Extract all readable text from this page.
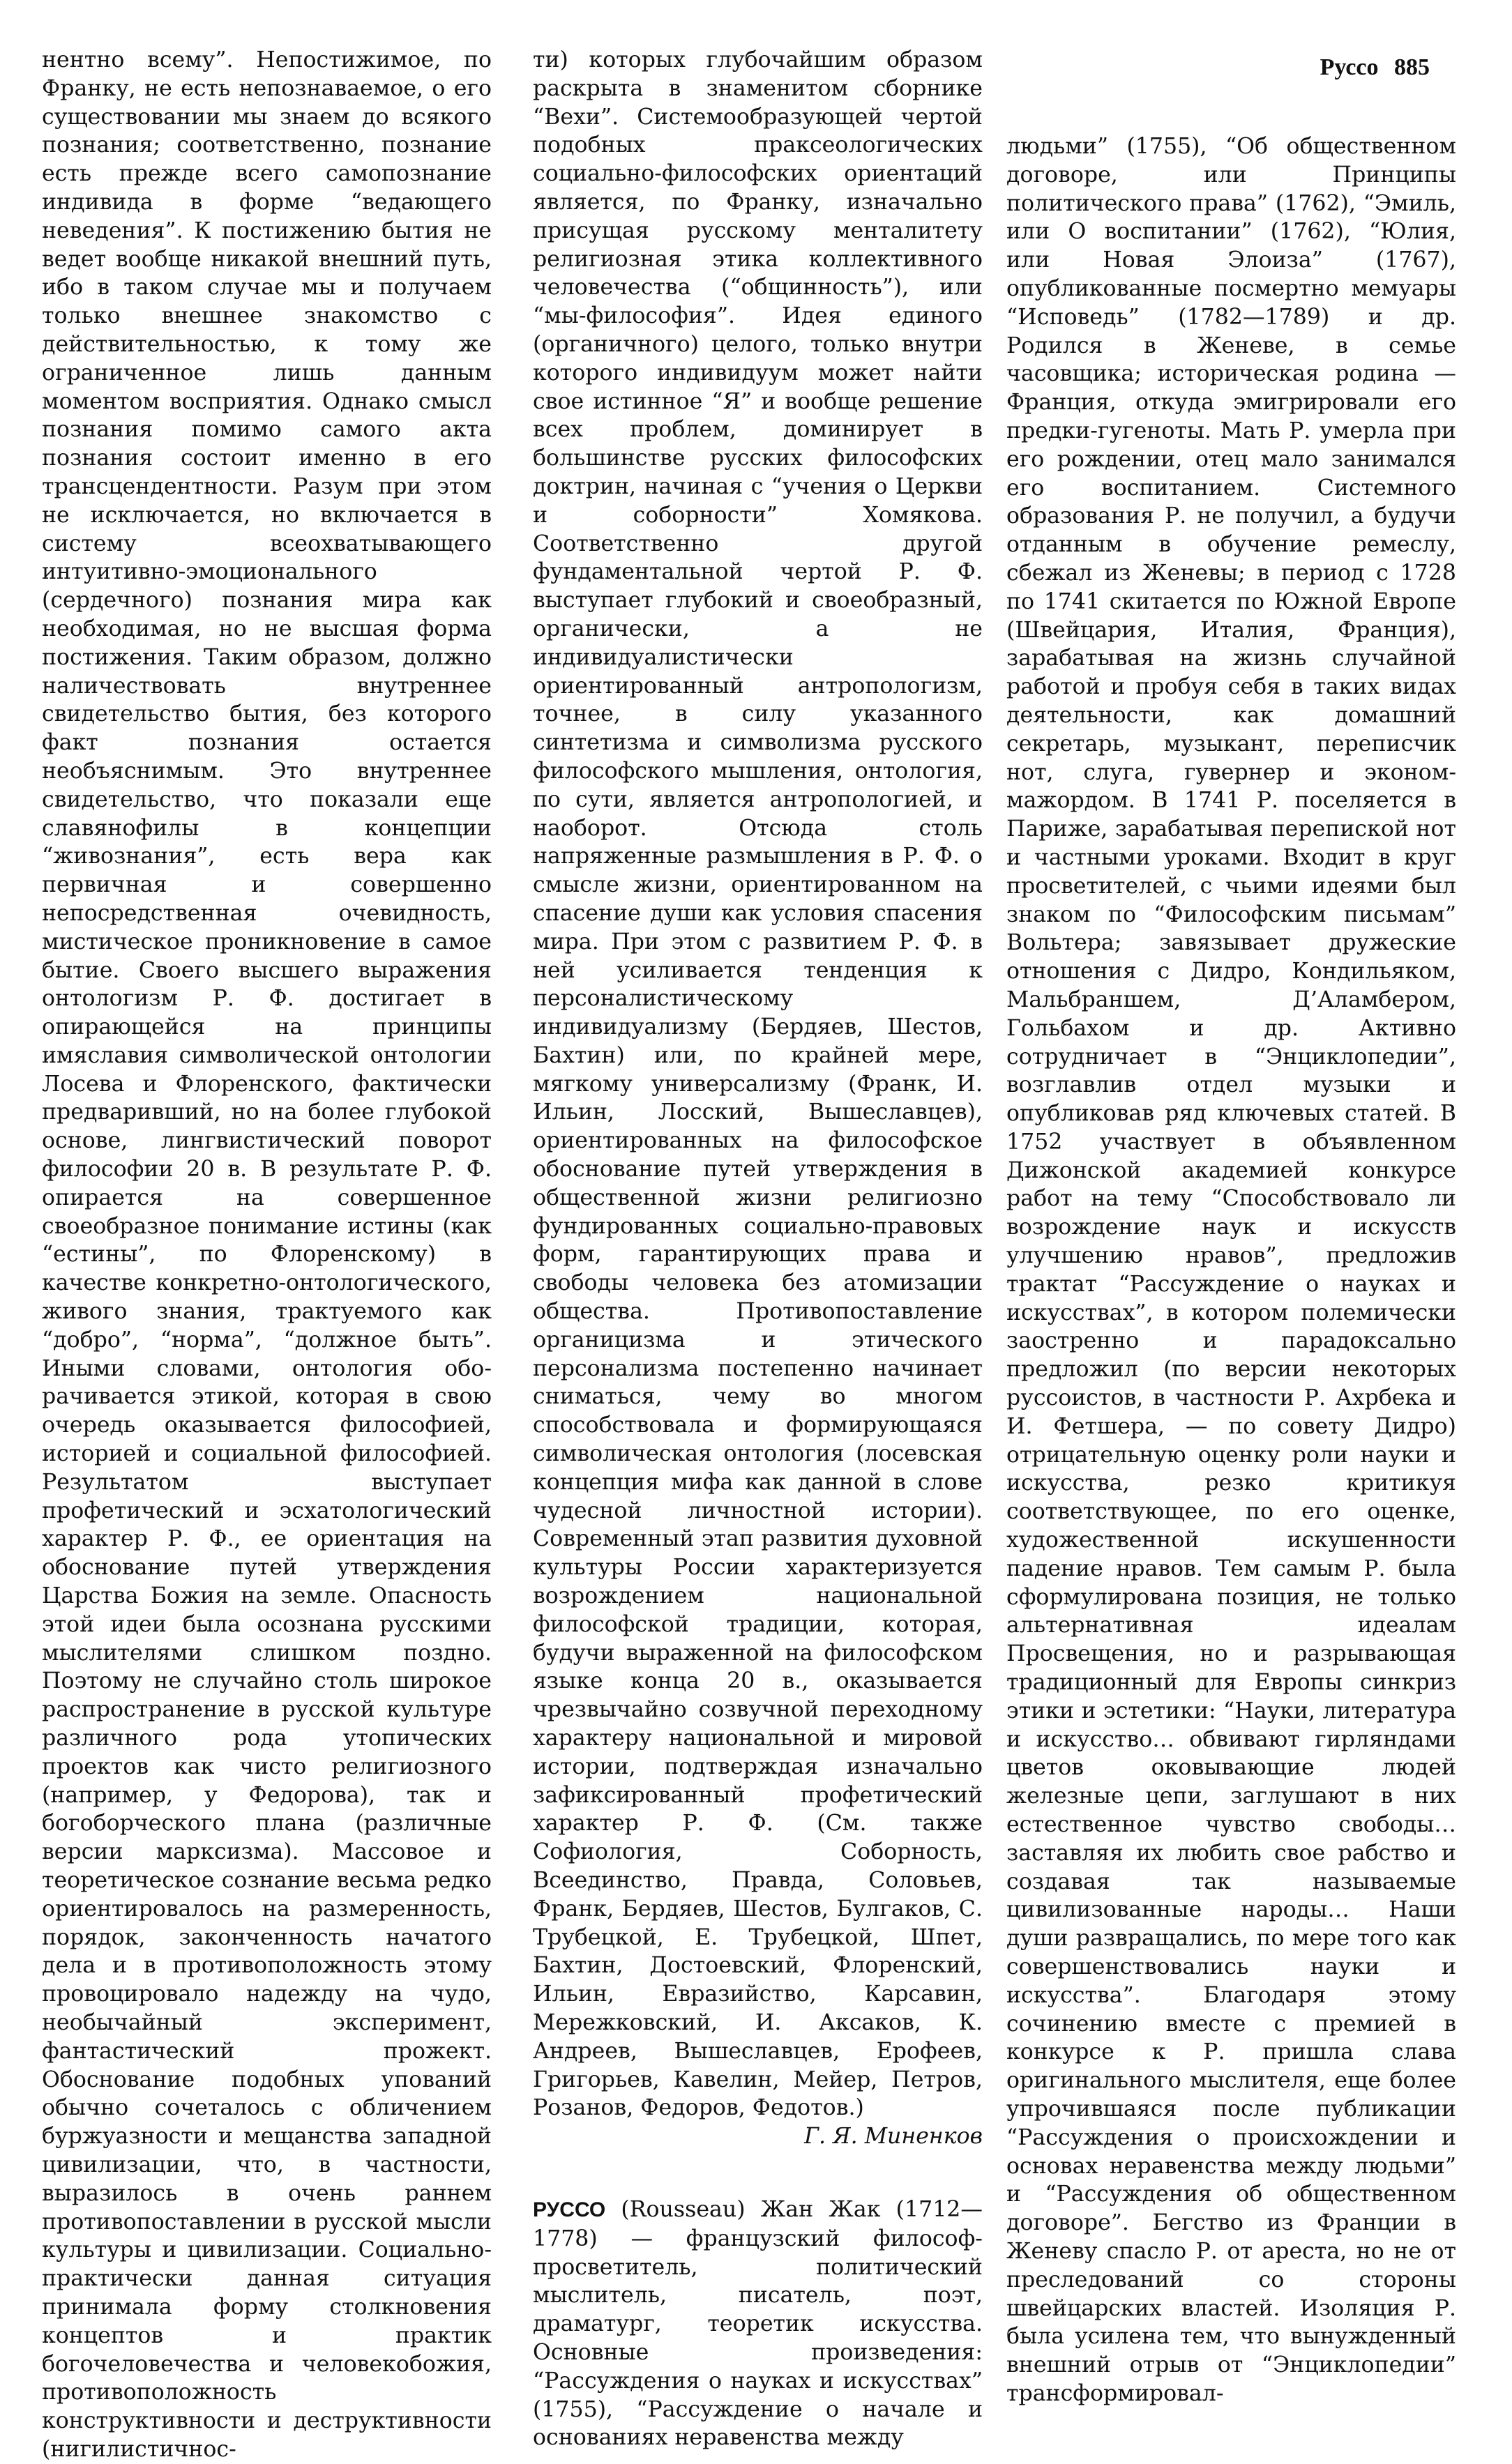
Руссо 885

нентно всему”. Непостижимое, по Франку, не есть непознаваемое, о его существовании мы знаем до всякого познания; соответственно, познание есть прежде всего самопознание индивида в форме “ведающего неведения”. К постижению бытия не ведет вообще никакой внешний путь, ибо в таком случае мы и получаем только внешнее знакомство с действительностью, к тому же ограниченное лишь данным моментом восприятия. Однако смысл познания помимо самого акта познания состоит именно в его трансцендентности. Разум при этом не исключается, но включается в систему всеохватывающего интуитивно-эмоционального (сердечного) познания мира как необходимая, но не высшая форма постижения. Таким образом, должно наличествовать внутреннее свидетельство бытия, без которого факт познания остается необъяснимым. Это внутреннее свидетельство, что показали еще славянофилы в концепции “живознания”, есть вера как первичная и совершенно непосредственная очевидность, мистическое проникновение в самое бытие. Своего высшего выражения онтологизм Р. Ф. достигает в опирающейся на принципы имяславия символической онтологии Лосева и Флоренского, фактически предваривший, но на более глубокой основе, лингвистический поворот философии 20 в. В результате Р. Ф. опирается на совершенное своеобразное понимание истины (как “естины”, по Флоренскому) в качестве конкретно-онтологического, живого знания, трактуемого как “добро”, “норма”, “должное быть”. Иными словами, онтология обо-рачивается этикой, которая в свою очередь оказывается философией, историей и социальной философией. Результатом выступает профетический и эсхатологический характер Р. Ф., ее ориентация на обоснование путей утверждения Царства Божия на земле. Опасность этой идеи была осознана русскими мыслителями слишком поздно. Поэтому не случайно столь широкое распространение в русской культуре различного рода утопических проектов как чисто религиозного (например, у Федорова), так и богоборческого плана (различные версии марксизма). Массовое и теоретическое сознание весьма редко ориентировалось на размеренность, порядок, законченность начатого дела и в противоположность этому провоцировало надежду на чудо, необычайный эксперимент, фантастический прожект. Обоснование подобных упований обычно сочеталось с обличением буржуазности и мещанства западной цивилизации, что, в частности, выразилось в очень раннем противопоставлении в русской мысли культуры и цивилизации. Социально-практически данная ситуация принимала форму столкновения концептов и практик богочеловечества и человекобожия, противоположность конструктивности и деструктивности (нигилистичнос-

ти) которых глубочайшим образом раскрыта в знаменитом сборнике “Вехи”. Системообразующей чертой подобных праксеологических социально-философских ориентаций является, по Франку, изначально присущая русскому менталитету религиозная этика коллективного человечества (“общинность”), или “мы-философия”. Идея единого (органичного) целого, только внутри которого индивидуум может найти свое истинное “Я” и вообще решение всех проблем, доминирует в большинстве русских философских доктрин, начиная с “учения о Церкви и соборности” Хомякова. Соответственно другой фундаментальной чертой Р. Ф. выступает глубокий и своеобразный, органически, а не индивидуалистически ориентированный антропологизм, точнее, в силу указанного синтетизма и символизма русского философского мышления, онтология, по сути, является антропологией, и наоборот. Отсюда столь напряженные размышления в Р. Ф. о смысле жизни, ориентированном на спасение души как условия спасения мира. При этом с развитием Р. Ф. в ней усиливается тенденция к персоналистическому индивидуализму (Бердяев, Шестов, Бахтин) или, по крайней мере, мягкому универсализму (Франк, И. Ильин, Лосский, Вышеславцев), ориентированных на философское обоснование путей утверждения в общественной жизни религиозно фундированных социально-правовых форм, гарантирующих права и свободы человека без атомизации общества. Противопоставление органицизма и этического персонализма постепенно начинает сниматься, чему во многом способствовала и формирующаяся символическая онтология (лосевская концепция мифа как данной в слове чудесной личностной истории). Современный этап развития духовной культуры России характеризуется возрождением национальной философской традиции, которая, будучи выраженной на философском языке конца 20 в., оказывается чрезвычайно созвучной переходному характеру национальной и мировой истории, подтверждая изначально зафиксированный профетический характер Р. Ф. (См. также Софиология, Соборность, Всеединство, Правда, Соловьев, Франк, Бердяев, Шестов, Булгаков, С. Трубецкой, Е. Трубецкой, Шпет, Бахтин, Достоевский, Флоренский, Ильин, Евразийство, Карсавин, Мережковский, И. Аксаков, К. Андреев, Вышеславцев, Ерофеев, Григорьев, Кавелин, Мейер, Петров, Розанов, Федоров, Федотов.)

Г. Я. Миненков

РУССО (Rousseau) Жан Жак (1712—1778) — французский философ-просветитель, политический мыслитель, писатель, поэт, драматург, теоретик искусства. Основные произведения: “Рассуждения о науках и искусствах” (1755), “Рассуждение о начале и основаниях неравенства между

людьми” (1755), “Об общественном договоре, или Принципы политического права” (1762), “Эмиль, или О воспитании” (1762), “Юлия, или Новая Элоиза” (1767), опубликованные посмертно мемуары “Исповедь” (1782—1789) и др. Родился в Женеве, в семье часовщика; историческая родина — Франция, откуда эмигрировали его предки-гугеноты. Мать Р. умерла при его рождении, отец мало занимался его воспитанием. Системного образования Р. не получил, а будучи отданным в обучение ремеслу, сбежал из Женевы; в период с 1728 по 1741 скитается по Южной Европе (Швейцария, Италия, Франция), зарабатывая на жизнь случайной работой и пробуя себя в таких видах деятельности, как домашний секретарь, музыкант, переписчик нот, слуга, гувернер и эконом-мажордом. В 1741 Р. поселяется в Париже, зарабатывая перепиской нот и частными уроками. Входит в круг просветителей, с чьими идеями был знаком по “Философским письмам” Вольтера; завязывает дружеские отношения с Дидро, Кондильяком, Мальбраншем, Д’Аламбером, Гольбахом и др. Активно сотрудничает в “Энциклопедии”, возглавлив отдел музыки и опубликовав ряд ключевых статей. В 1752 участвует в объявленном Дижонской академией конкурсе работ на тему “Способствовало ли возрождение наук и искусств улучшению нравов”, предложив трактат “Рассуждение о науках и искусствах”, в котором полемически заостренно и парадоксально предложил (по версии некоторых руссоистов, в частности Р. Ахрбека и И. Фетшера, — по совету Дидро) отрицательную оценку роли науки и искусства, резко критикуя соответствующее, по его оценке, художественной искушенности падение нравов. Тем самым Р. была сформулирована позиция, не только альтернативная идеалам Просвещения, но и разрывающая традиционный для Европы синкриз этики и эстетики: “Науки, литература и искусство… обвивают гирляндами цветов оковывающие людей железные цепи, заглушают в них естественное чувство свободы… заставляя их любить свое рабство и создавая так называемые цивилизованные народы… Наши души развращались, по мере того как совершенствовались науки и искусства”. Благодаря этому сочинению вместе с премией в конкурсе к Р. пришла слава оригинального мыслителя, еще более упрочившаяся после публикации “Рассуждения о происхождении и основах неравенства между людьми” и “Рассуждения об общественном договоре”. Бегство из Франции в Женеву спасло Р. от ареста, но не от преследований со стороны швейцарских властей. Изоляция Р. была усилена тем, что вынужденный внешний отрыв от “Энциклопедии” трансформировал-
